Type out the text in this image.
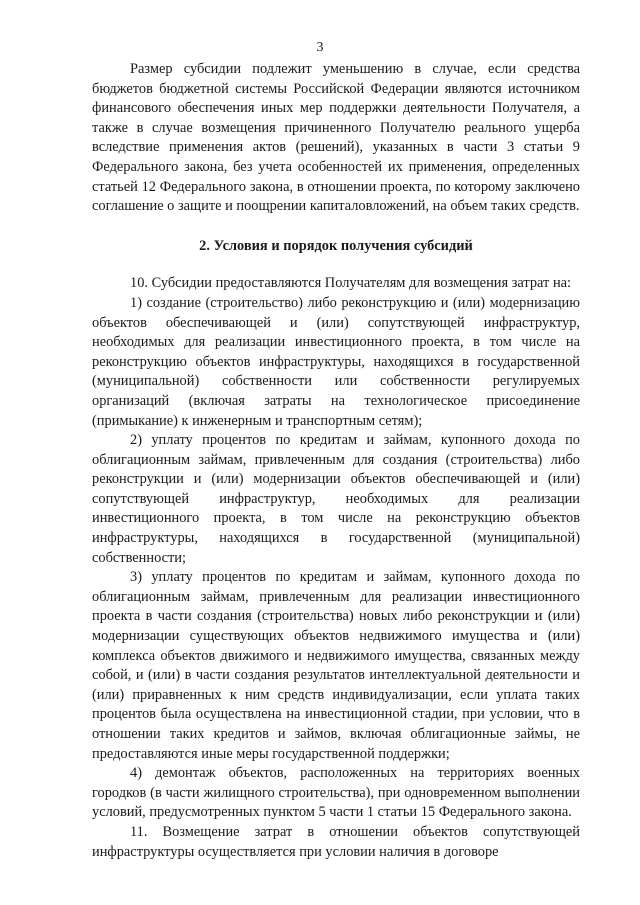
3

Размер субсидии подлежит уменьшению в случае, если средства бюджетов бюджетной системы Российской Федерации являются источником финансового обеспечения иных мер поддержки деятельности Получателя, а также в случае возмещения причиненного Получателю реального ущерба вследствие применения актов (решений), указанных в части 3 статьи 9 Федерального закона, без учета особенностей их применения, определенных статьей 12 Федерального закона, в отношении проекта, по которому заключено соглашение о защите и поощрении капиталовложений, на объем таких средств.

2. Условия и порядок получения субсидий

10. Субсидии предоставляются Получателям для возмещения затрат на:

1) создание (строительство) либо реконструкцию и (или) модернизацию объектов обеспечивающей и (или) сопутствующей инфраструктур, необходимых для реализации инвестиционного проекта, в том числе на реконструкцию объектов инфраструктуры, находящихся в государственной (муниципальной) собственности или собственности регулируемых организаций (включая затраты на технологическое присоединение (примыкание) к инженерным и транспортным сетям);

2) уплату процентов по кредитам и займам, купонного дохода по облигационным займам, привлеченным для создания (строительства) либо реконструкции и (или) модернизации объектов обеспечивающей и (или) сопутствующей инфраструктур, необходимых для реализации инвестиционного проекта, в том числе на реконструкцию объектов инфраструктуры, находящихся в государственной (муниципальной) собственности;

3) уплату процентов по кредитам и займам, купонного дохода по облигационным займам, привлеченным для реализации инвестиционного проекта в части создания (строительства) новых либо реконструкции и (или) модернизации существующих объектов недвижимого имущества и (или) комплекса объектов движимого и недвижимого имущества, связанных между собой, и (или) в части создания результатов интеллектуальной деятельности и (или) приравненных к ним средств индивидуализации, если уплата таких процентов была осуществлена на инвестиционной стадии, при условии, что в отношении таких кредитов и займов, включая облигационные займы, не предоставляются иные меры государственной поддержки;

4) демонтаж объектов, расположенных на территориях военных городков (в части жилищного строительства), при одновременном выполнении условий, предусмотренных пунктом 5 части 1 статьи 15 Федерального закона.

11. Возмещение затрат в отношении объектов сопутствующей инфраструктуры осуществляется при условии наличия в договоре
